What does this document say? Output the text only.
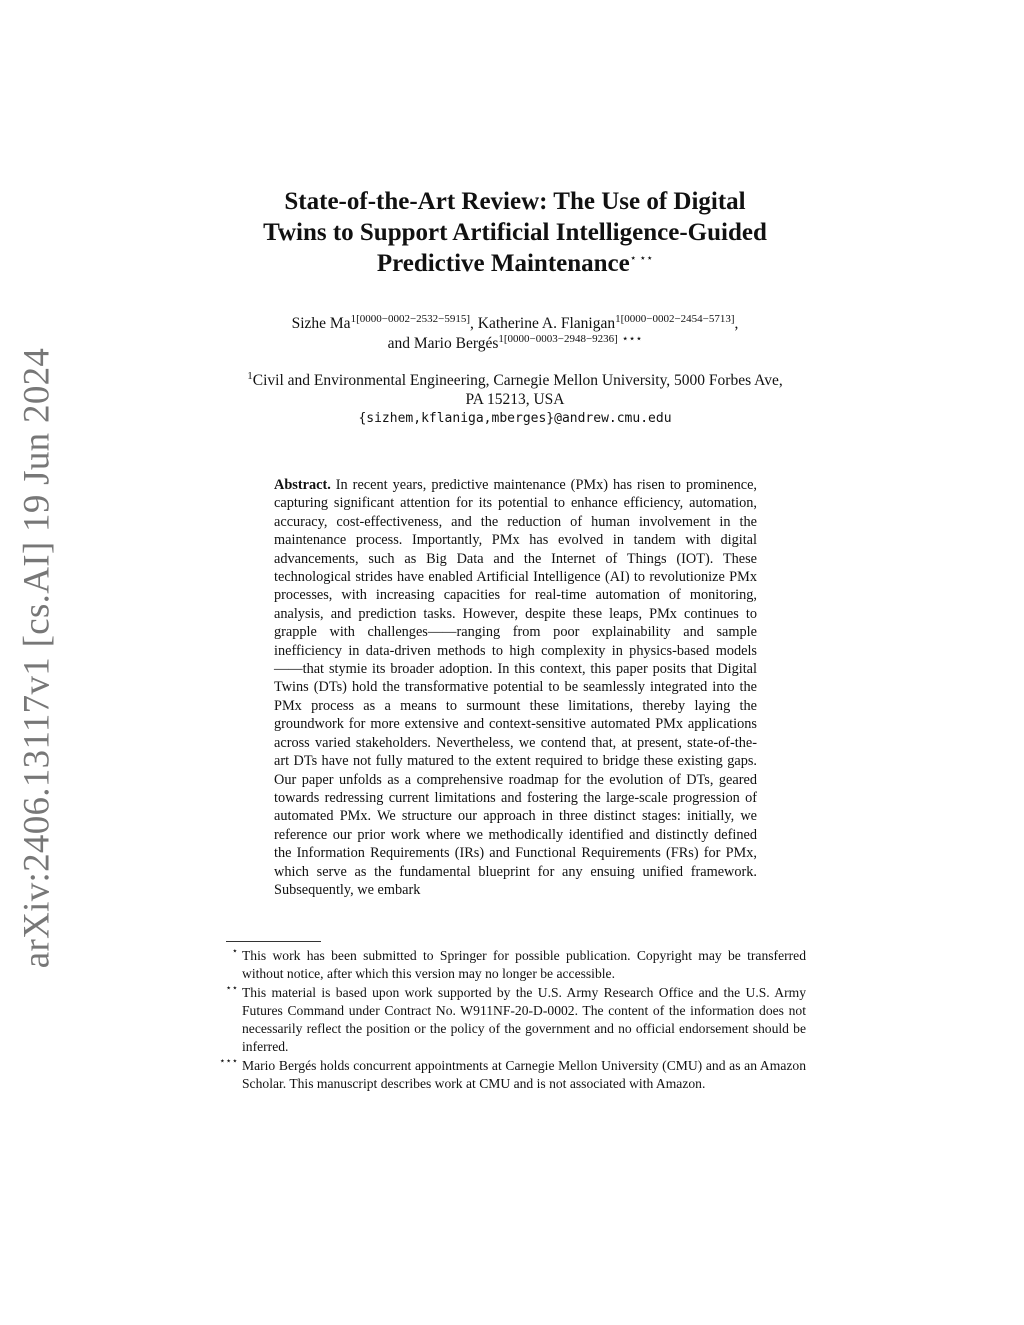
arXiv:2406.13117v1 [cs.AI] 19 Jun 2024
State-of-the-Art Review: The Use of Digital
Twins to Support Artificial Intelligence-Guided
Predictive Maintenance⋆ ⋆⋆
Sizhe $Ma^{1[0000-0002-2532-5915]}$, Katherine A. Flanigan$^{1[0000-0002-2454-5713]}$,
and Mario Bergés$^{1[0000-0003-2948-9236]}$ ⋆⋆⋆
$^1$Civil and Environmental Engineering, Carnegie Mellon University, 5000 Forbes Ave,
PA 15213, USA
{sizhem,kflaniga,mberges}@andrew.cmu.edu
Abstract. In recent years, predictive maintenance (PMx) has risen to prominence, capturing significant attention for its potential to enhance efficiency, automation, accuracy, cost-effectiveness, and the reduction of human involvement in the maintenance process. Importantly, PMx has evolved in tandem with digital advancements, such as Big Data and the Internet of Things (IOT). These technological strides have enabled Artificial Intelligence (AI) to revolutionize PMx processes, with increasing capacities for real-time automation of monitoring, analysis, and prediction tasks. However, despite these leaps, PMx continues to grapple with challenges——ranging from poor explainability and sample inefficiency in data-driven methods to high complexity in physics-based models——that stymie its broader adoption. In this context, this paper posits that Digital Twins (DTs) hold the transformative potential to be seamlessly integrated into the PMx process as a means to surmount these limitations, thereby laying the groundwork for more extensive and context-sensitive automated PMx applications across varied stakeholders. Nevertheless, we contend that, at present, state-of-the-art DTs have not fully matured to the extent required to bridge these existing gaps. Our paper unfolds as a comprehensive roadmap for the evolution of DTs, geared towards redressing current limitations and fostering the large-scale progression of automated PMx. We structure our approach in three distinct stages: initially, we reference our prior work where we methodically identified and distinctly defined the Information Requirements (IRs) and Functional Requirements (FRs) for PMx, which serve as the fundamental blueprint for any ensuing unified framework. Subsequently, we embark
⋆ This work has been submitted to Springer for possible publication. Copyright may be transferred without notice, after which this version may no longer be accessible.
⋆⋆ This material is based upon work supported by the U.S. Army Research Office and the U.S. Army Futures Command under Contract No. W911NF-20-D-0002. The content of the information does not necessarily reflect the position or the policy of the government and no official endorsement should be inferred.
⋆⋆⋆ Mario Bergés holds concurrent appointments at Carnegie Mellon University (CMU) and as an Amazon Scholar. This manuscript describes work at CMU and is not associated with Amazon.
